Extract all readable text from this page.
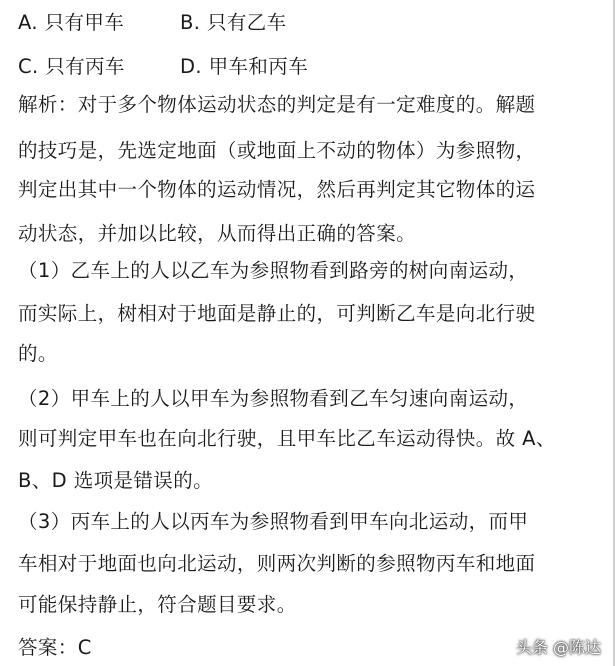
A. 只有甲车	B. 只有乙车
C. 只有丙车	D. 甲车和丙车
解析：对于多个物体运动状态的判定是有一定难度的。解题
的技巧是，先选定地面（或地面上不动的物体）为参照物，
判定出其中一个物体的运动情况，然后再判定其它物体的运
动状态，并加以比较，从而得出正确的答案。
（1）乙车上的人以乙车为参照物看到路旁的树向南运动，
而实际上，树相对于地面是静止的，可判断乙车是向北行驶
的。
（2）甲车上的人以甲车为参照物看到乙车匀速向南运动，
则可判定甲车也在向北行驶，且甲车比乙车运动得快。故 A、
B、D 选项是错误的。
（3）丙车上的人以丙车为参照物看到甲车向北运动，而甲
车相对于地面也向北运动，则两次判断的参照物丙车和地面
可能保持静止，符合题目要求。
答案：C	头条 @陈达
